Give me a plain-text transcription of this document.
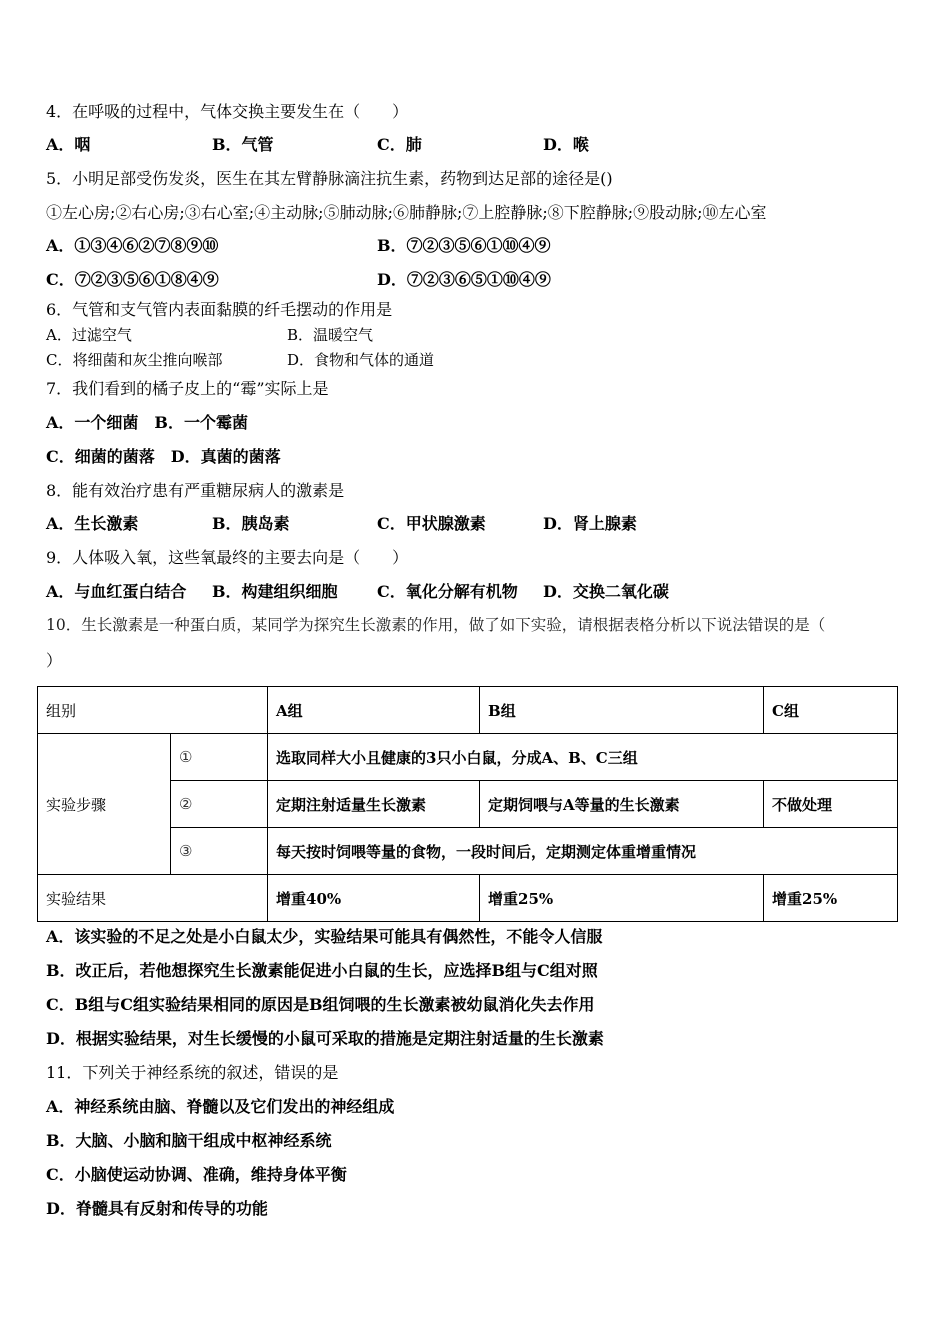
4．在呼吸的过程中，气体交换主要发生在（　　）
A．咽	B．气管	C．肺	D．喉
5．小明足部受伤发炎，医生在其左臂静脉滴注抗生素，药物到达足部的途径是()
①左心房;②右心房;③右心室;④主动脉;⑤肺动脉;⑥肺静脉;⑦上腔静脉;⑧下腔静脉;⑨股动脉;⑩左心室
A．①③④⑥②⑦⑧⑨⑩	B．⑦②③⑤⑥①⑩④⑨
C．⑦②③⑤⑥①⑧④⑨	D．⑦②③⑥⑤①⑩④⑨
6．气管和支气管内表面黏膜的纤毛摆动的作用是
A．过滤空气	B．温暖空气
C．将细菌和灰尘推向喉部	D．食物和气体的通道
7．我们看到的橘子皮上的“霉”实际上是
A．一个细菌　B．一个霉菌
C．细菌的菌落　D．真菌的菌落
8．能有效治疗患有严重糖尿病人的激素是
A．生长激素	B．胰岛素	C．甲状腺激素	D．肾上腺素
9．人体吸入氧，这些氧最终的主要去向是（　　）
A．与血红蛋白结合 B．构建组织细胞 C．氧化分解有机物 D．交换二氧化碳
10．生长激素是一种蛋白质，某同学为探究生长激素的作用，做了如下实验，请根据表格分析以下说法错误的是（
）
组别		A组	B组	C组
实验步骤	①	选取同样大小且健康的3只小白鼠，分成A、B、C三组		
	②	定期注射适量生长激素	定期饲喂与A等量的生长激素	不做处理
	③	每天按时饲喂等量的食物，一段时间后，定期测定体重增重情况		
实验结果		增重40%	增重25%	增重25%
A．该实验的不足之处是小白鼠太少，实验结果可能具有偶然性，不能令人信服
B．改正后，若他想探究生长激素能促进小白鼠的生长，应选择B组与C组对照
C．B组与C组实验结果相同的原因是B组饲喂的生长激素被幼鼠消化失去作用
D．根据实验结果，对生长缓慢的小鼠可采取的措施是定期注射适量的生长激素
11．下列关于神经系统的叙述，错误的是
A．神经系统由脑、脊髓以及它们发出的神经组成
B．大脑、小脑和脑干组成中枢神经系统
C．小脑使运动协调、准确，维持身体平衡
D．脊髓具有反射和传导的功能
